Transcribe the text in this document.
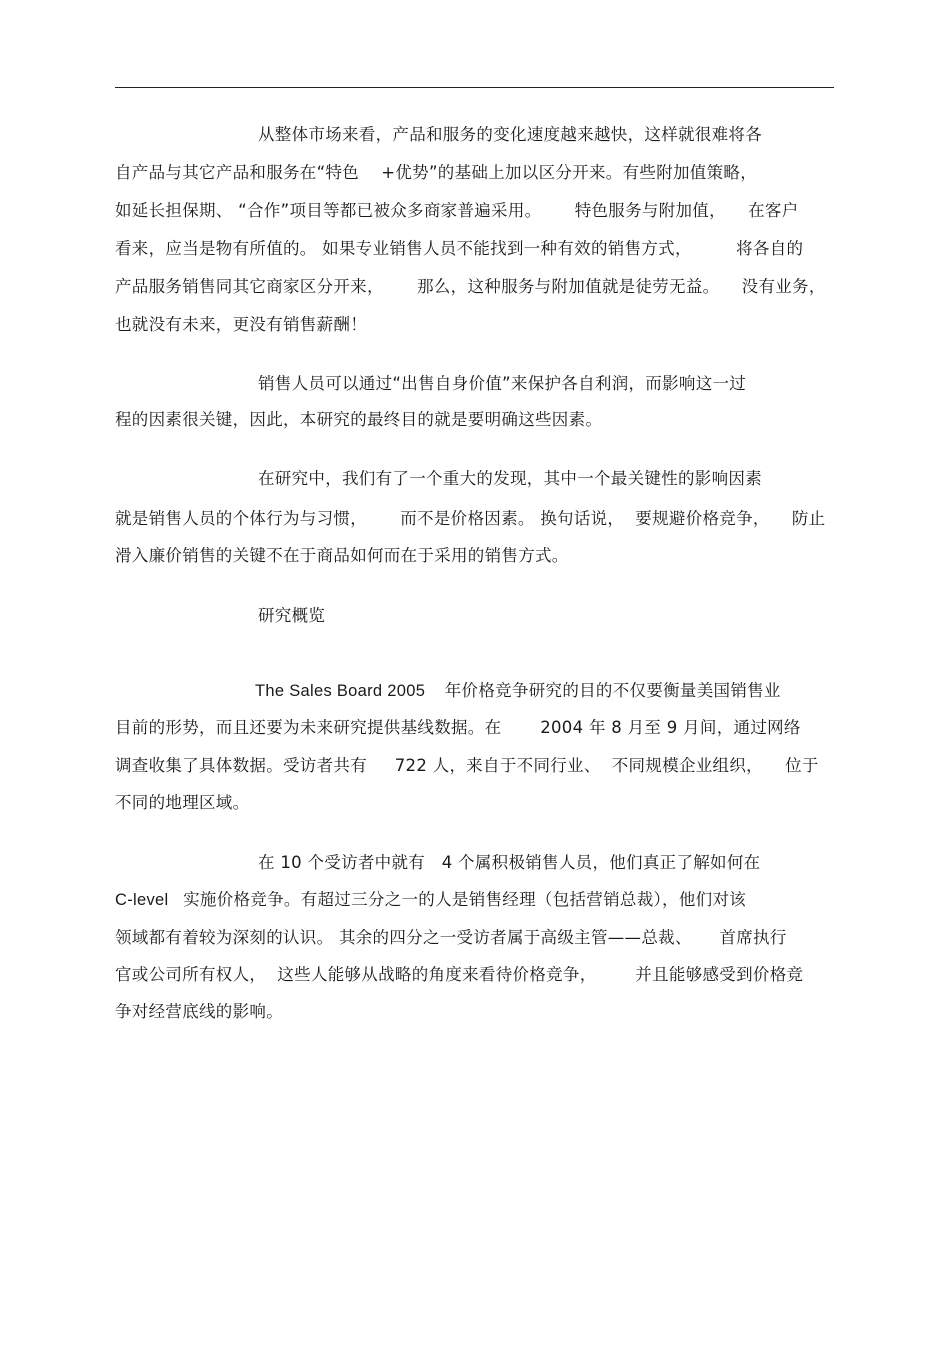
从整体市场来看，产品和服务的变化速度越来越快，这样就很难将各
自产品与其它产品和服务在“特色    +优势”的基础上加以区分开来。有些附加值策略，
如延长担保期、 “合作”项目等都已被众多商家普遍采用。      特色服务与附加值，    在客户
看来，应当是物有所值的。 如果专业销售人员不能找到一种有效的销售方式，        将各自的
产品服务销售同其它商家区分开来，      那么，这种服务与附加值就是徒劳无益。    没有业务，
也就没有未来，更没有销售薪酬！
销售人员可以通过“出售自身价值”来保护各自利润，而影响这一过
程的因素很关键，因此，本研究的最终目的就是要明确这些因素。
在研究中，我们有了一个重大的发现，其中一个最关键性的影响因素
就是销售人员的个体行为与习惯，      而不是价格因素。 换句话说，  要规避价格竞争，    防止
滑入廉价销售的关键不在于商品如何而在于采用的销售方式。
研究概览
The Sales Board 2005    年价格竞争研究的目的不仅要衡量美国销售业
目前的形势，而且还要为未来研究提供基线数据。在       2004 年 8 月至 9 月间，通过网络
调查收集了具体数据。受访者共有     722 人，来自于不同行业、  不同规模企业组织，    位于
不同的地理区域。
在 10 个受访者中就有   4 个属积极销售人员，他们真正了解如何在
C-level   实施价格竞争。有超过三分之一的人是销售经理（包括营销总裁），他们对该
领域都有着较为深刻的认识。 其余的四分之一受访者属于高级主管——总裁、     首席执行
官或公司所有权人，  这些人能够从战略的角度来看待价格竞争，       并且能够感受到价格竞
争对经营底线的影响。
